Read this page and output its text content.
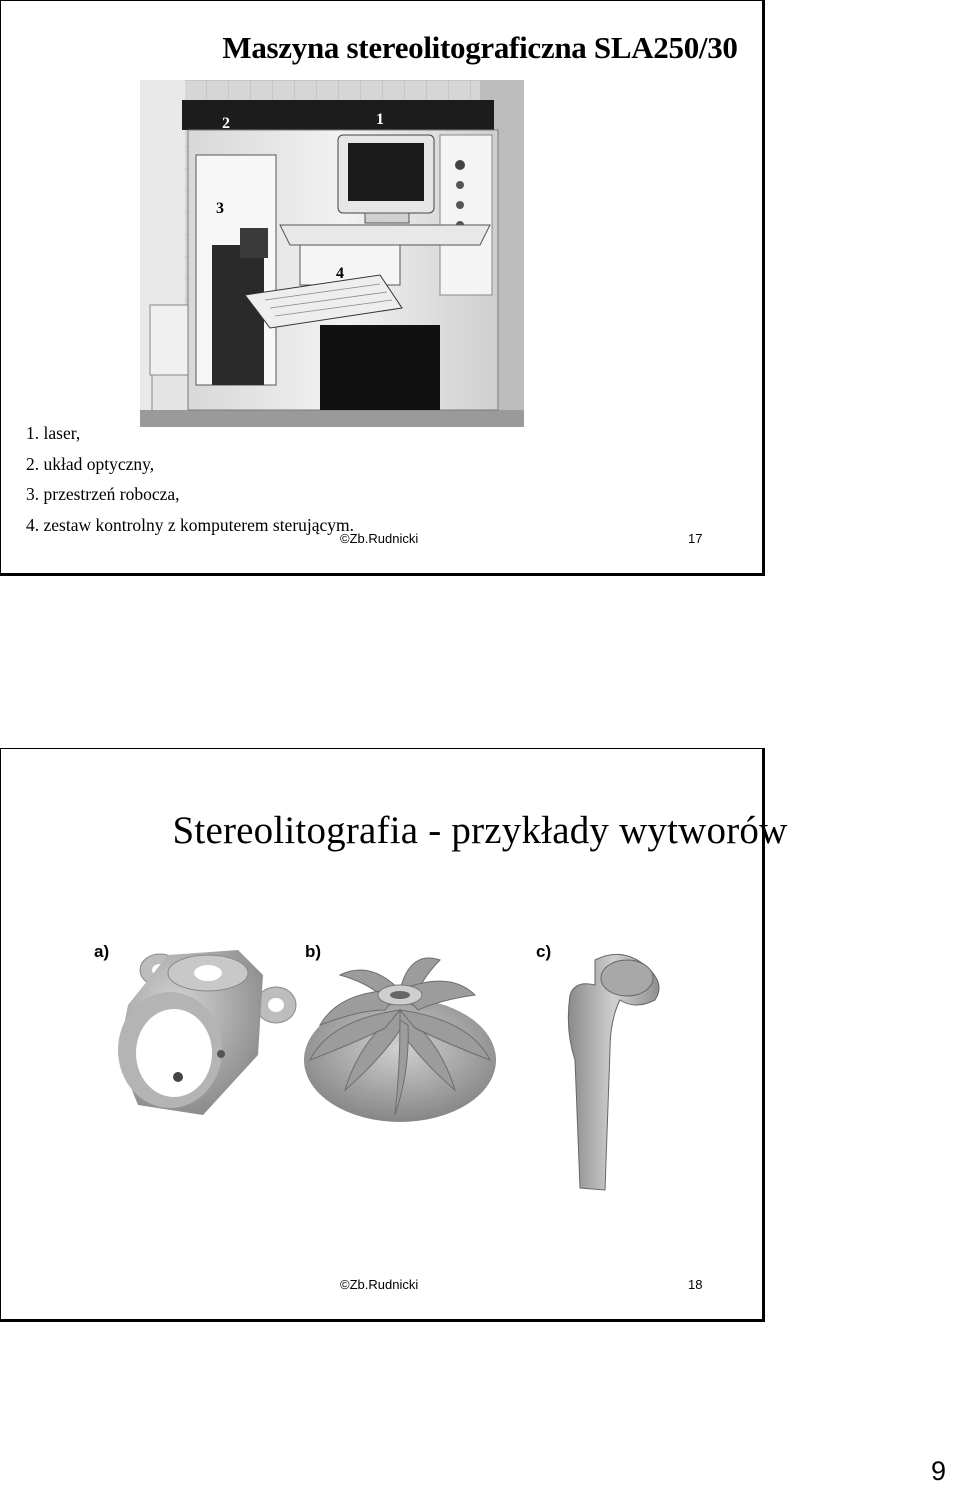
Maszyna stereolitograficzna SLA250/30
2	1
3
4
1. laser,
2. układ optyczny,
3. przestrzeń robocza,
4. zestaw kontrolny z komputerem sterującym.
©Zb.Rudnicki	17
Stereolitografia - przykłady wytworów
a)	b)	c)
©Zb.Rudnicki	18
9
